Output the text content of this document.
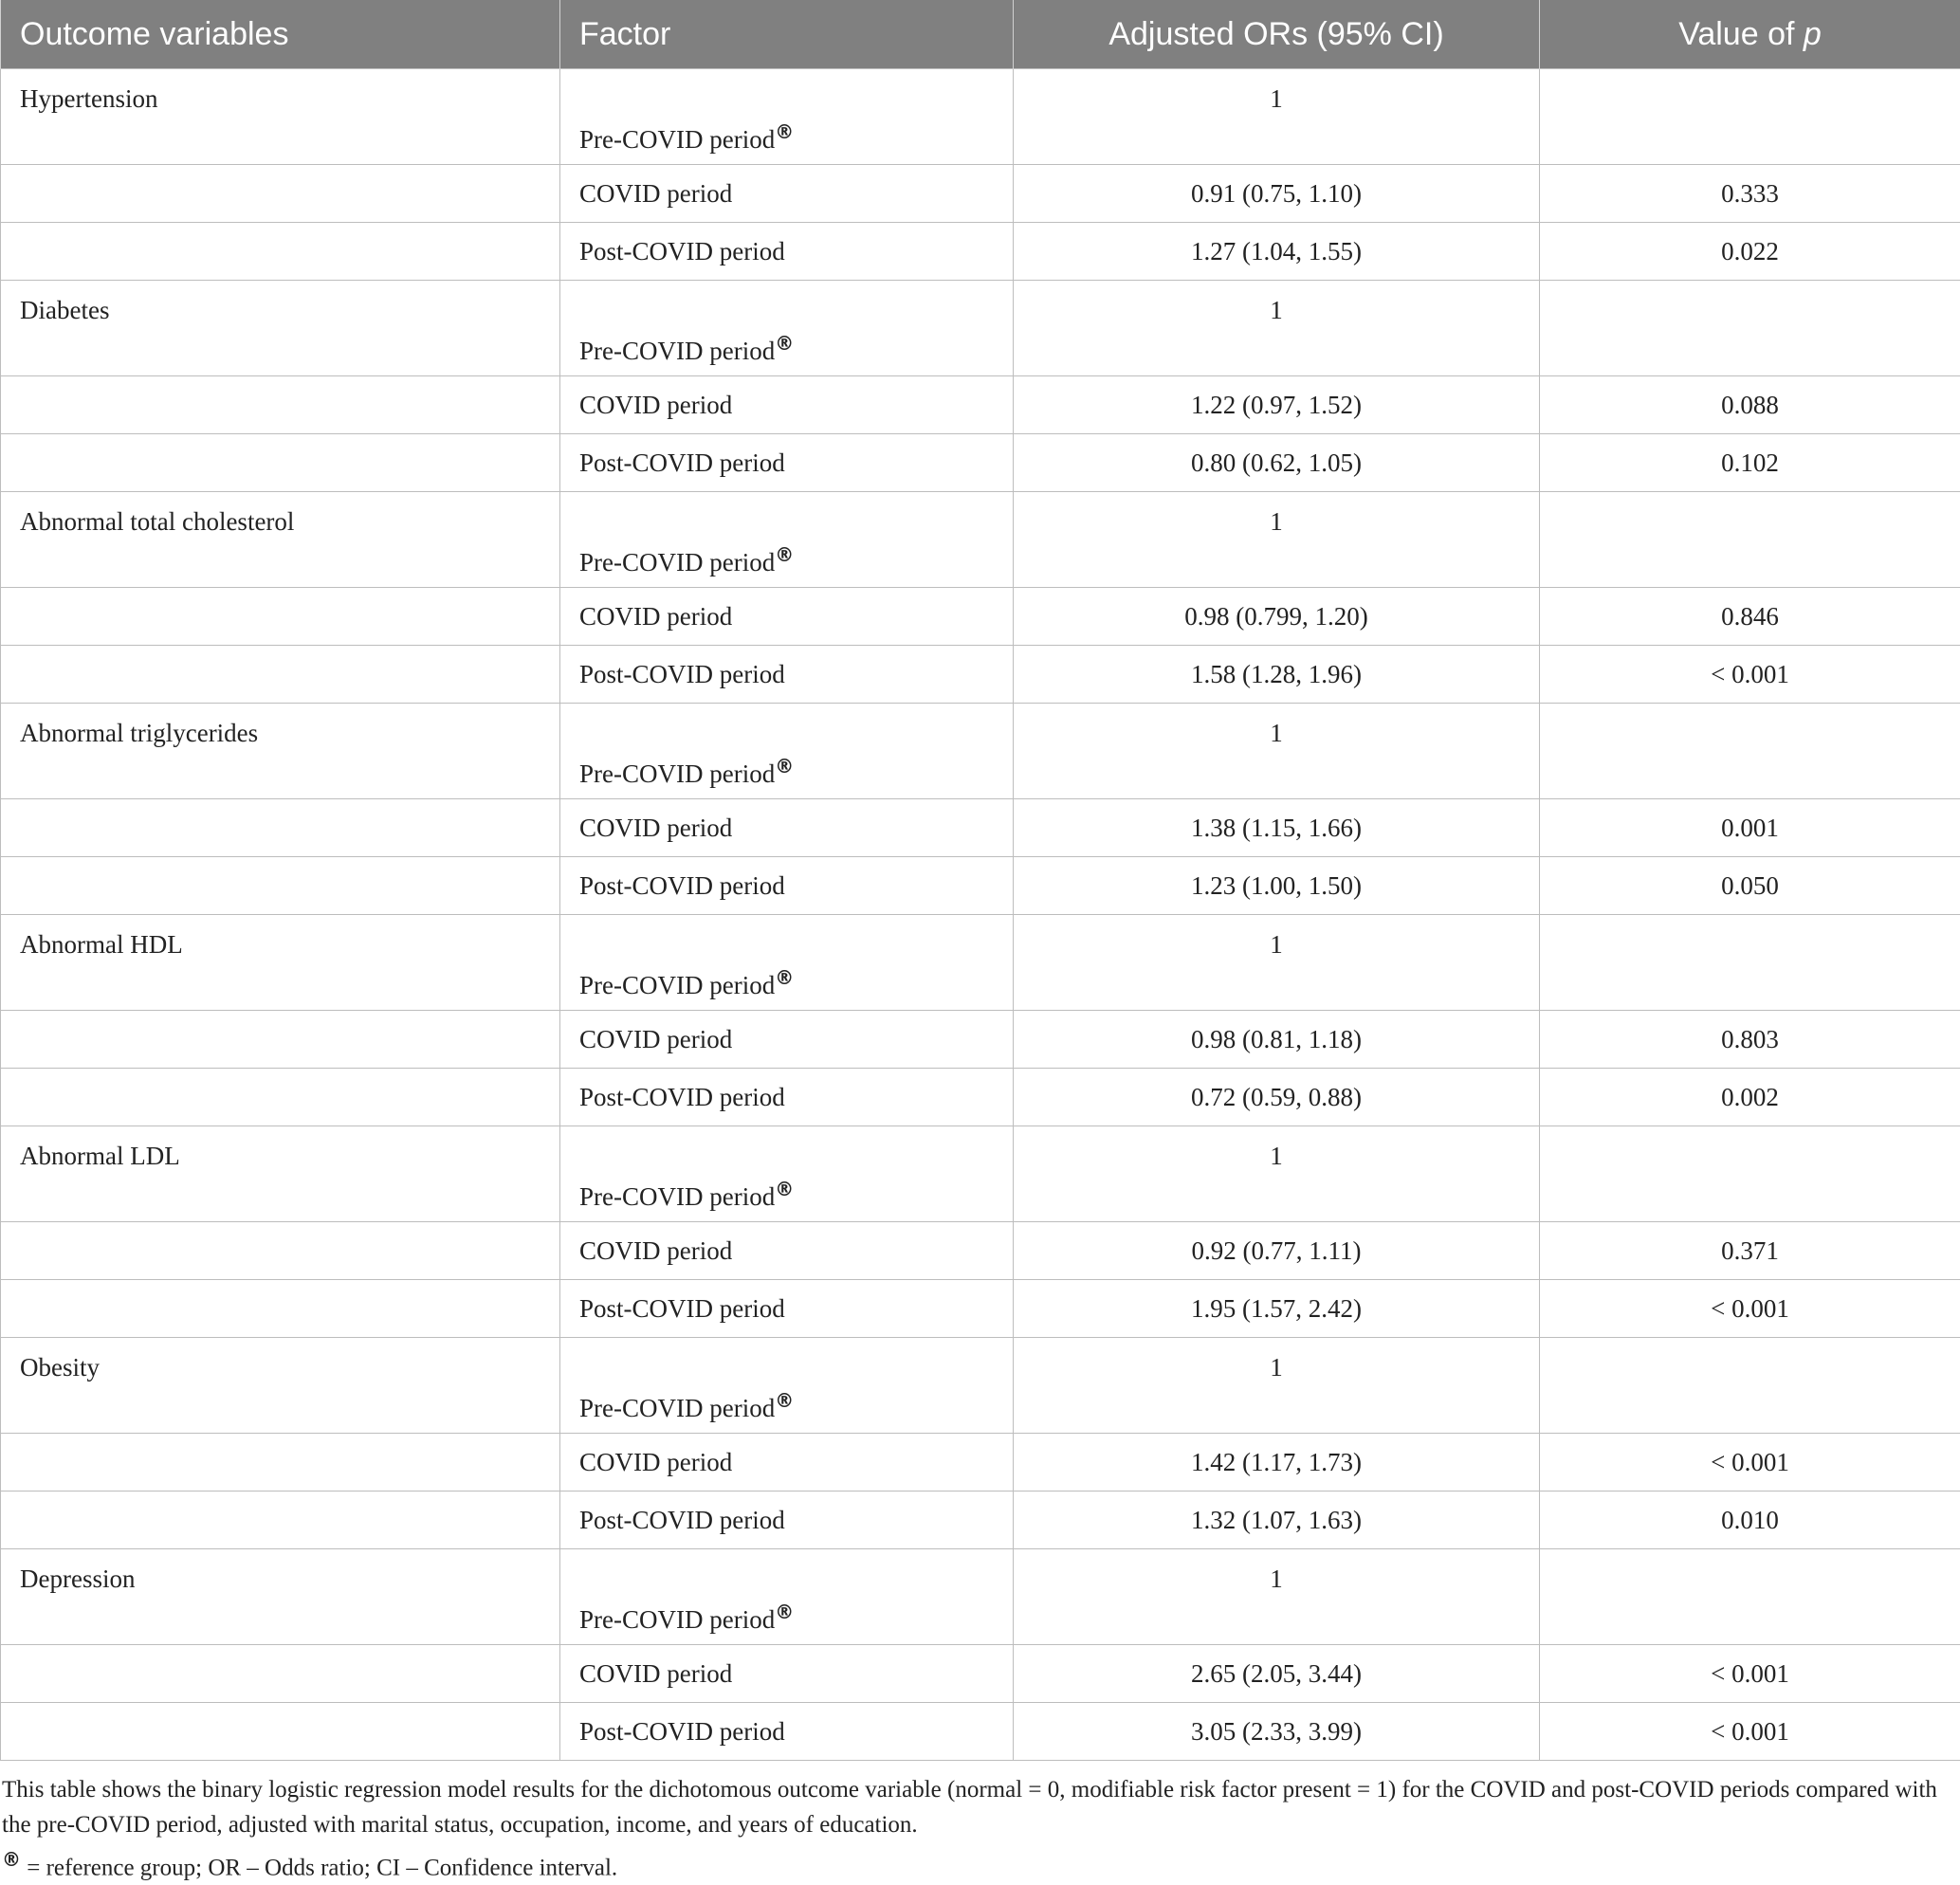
Outcome variables	Factor	Adjusted ORs (95% CI)	Value of p
Hypertension	Pre-COVID period®	1	
	COVID period	0.91 (0.75, 1.10)	0.333
	Post-COVID period	1.27 (1.04, 1.55)	0.022
Diabetes	Pre-COVID period®	1	
	COVID period	1.22 (0.97, 1.52)	0.088
	Post-COVID period	0.80 (0.62, 1.05)	0.102
Abnormal total cholesterol	Pre-COVID period®	1	
	COVID period	0.98 (0.799, 1.20)	0.846
	Post-COVID period	1.58 (1.28, 1.96)	< 0.001
Abnormal triglycerides	Pre-COVID period®	1	
	COVID period	1.38 (1.15, 1.66)	0.001
	Post-COVID period	1.23 (1.00, 1.50)	0.050
Abnormal HDL	Pre-COVID period®	1	
	COVID period	0.98 (0.81, 1.18)	0.803
	Post-COVID period	0.72 (0.59, 0.88)	0.002
Abnormal LDL	Pre-COVID period®	1	
	COVID period	0.92 (0.77, 1.11)	0.371
	Post-COVID period	1.95 (1.57, 2.42)	< 0.001
Obesity	Pre-COVID period®	1	
	COVID period	1.42 (1.17, 1.73)	< 0.001
	Post-COVID period	1.32 (1.07, 1.63)	0.010
Depression	Pre-COVID period®	1	
	COVID period	2.65 (2.05, 3.44)	< 0.001
	Post-COVID period	3.05 (2.33, 3.99)	< 0.001

This table shows the binary logistic regression model results for the dichotomous outcome variable (normal = 0, modifiable risk factor present = 1) for the COVID and post-COVID periods compared with the pre-COVID period, adjusted with marital status, occupation, income, and years of education.

® = reference group; OR – Odds ratio; CI – Confidence interval.
